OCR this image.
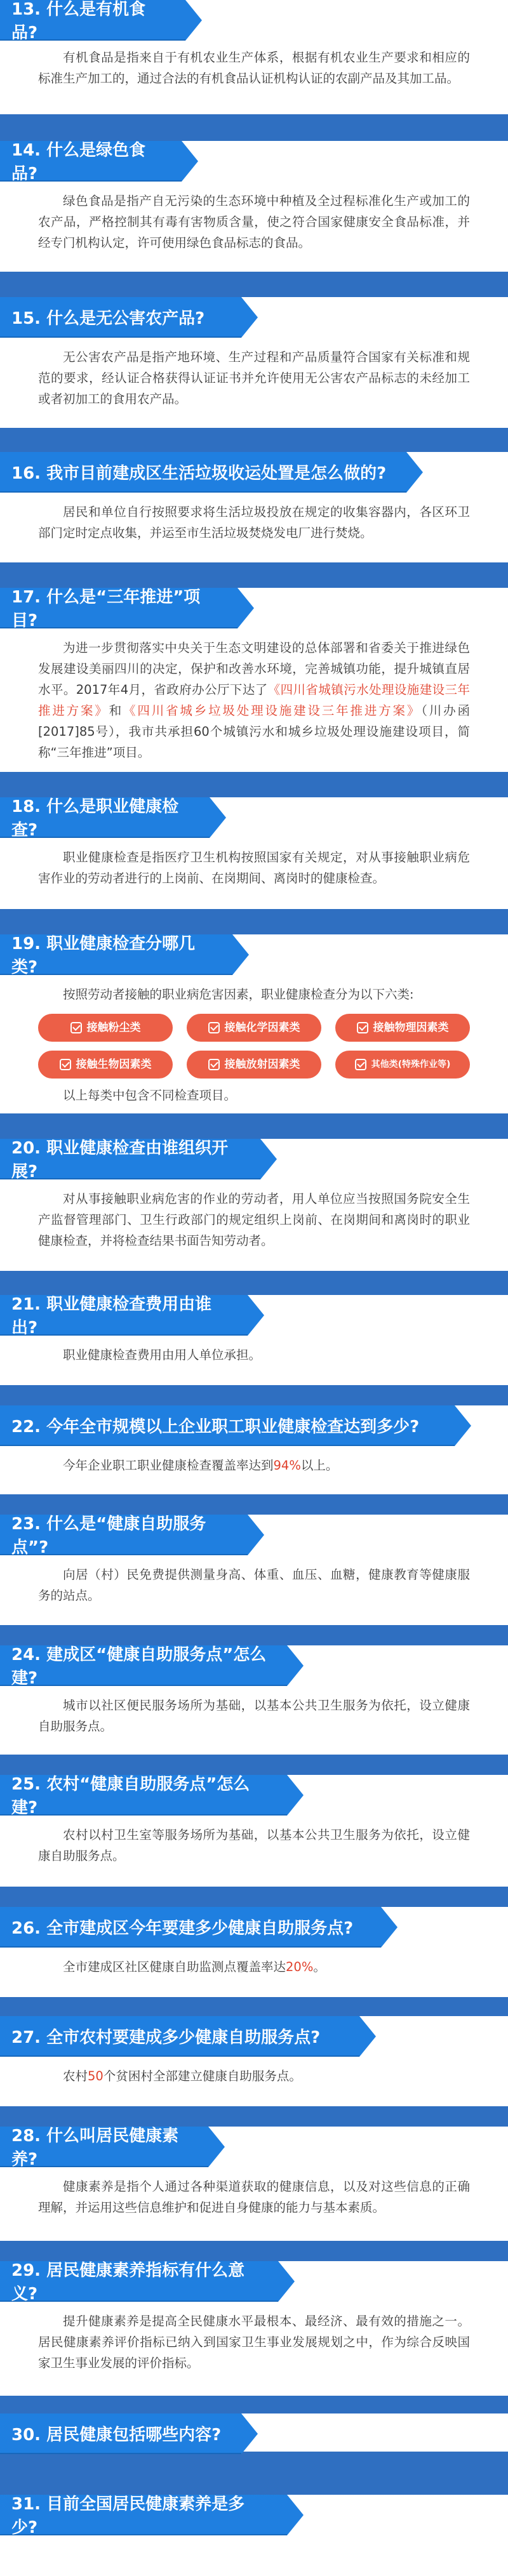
13. 什么是有机食品?

有机食品是指来自于有机农业生产体系，根据有机农业生产要求和相应的标准生产加工的，通过合法的有机食品认证机构认证的农副产品及其加工品。

14. 什么是绿色食品?

绿色食品是指产自无污染的生态环境中种植及全过程标准化生产或加工的农产品，严格控制其有毒有害物质含量，使之符合国家健康安全食品标准，并经专门机构认定，许可使用绿色食品标志的食品。

15. 什么是无公害农产品?

无公害农产品是指产地环境、生产过程和产品质量符合国家有关标准和规范的要求，经认证合格获得认证证书并允许使用无公害农产品标志的未经加工或者初加工的食用农产品。

16. 我市目前建成区生活垃圾收运处置是怎么做的?

居民和单位自行按照要求将生活垃圾投放在规定的收集容器内，各区环卫部门定时定点收集，并运至市生活垃圾焚烧发电厂进行焚烧。

17. 什么是“三年推进”项目?

为进一步贯彻落实中央关于生态文明建设的总体部署和省委关于推进绿色发展建设美丽四川的决定，保护和改善水环境，完善城镇功能，提升城镇直居水平。2017年4月，省政府办公厅下达了《四川省城镇污水处理设施建设三年推进方案》和《四川省城乡垃圾处理设施建设三年推进方案》（川办函[2017]85号），我市共承担60个城镇污水和城乡垃圾处理设施建设项目，简称“三年推进”项目。

18. 什么是职业健康检查?

职业健康检查是指医疗卫生机构按照国家有关规定，对从事接触职业病危害作业的劳动者进行的上岗前、在岗期间、离岗时的健康检查。

19. 职业健康检查分哪几类?

按照劳动者接触的职业病危害因素，职业健康检查分为以下六类:

接触粉尘类	接触化学因素类	接触物理因素类
接触生物因素类	接触放射因素类	其他类(特殊作业等)

以上每类中包含不同检查项目。

20. 职业健康检查由谁组织开展?

对从事接触职业病危害的作业的劳动者，用人单位应当按照国务院安全生产监督管理部门、卫生行政部门的规定组织上岗前、在岗期间和离岗时的职业健康检查，并将检查结果书面告知劳动者。

21. 职业健康检查费用由谁出?

职业健康检查费用由用人单位承担。

22. 今年全市规模以上企业职工职业健康检查达到多少?

今年企业职工职业健康检查覆盖率达到94%以上。

23. 什么是“健康自助服务点”?

向居（村）民免费提供测量身高、体重、血压、血糖，健康教育等健康服务的站点。

24. 建成区“健康自助服务点”怎么建?

城市以社区便民服务场所为基础，以基本公共卫生服务为依托，设立健康自助服务点。

25. 农村“健康自助服务点”怎么建?

农村以村卫生室等服务场所为基础，以基本公共卫生服务为依托，设立健康自助服务点。

26. 全市建成区今年要建多少健康自助服务点?

全市建成区社区健康自助监测点覆盖率达20%。

27. 全市农村要建成多少健康自助服务点?

农村50个贫困村全部建立健康自助服务点。

28. 什么叫居民健康素养?

健康素养是指个人通过各种渠道获取的健康信息，以及对这些信息的正确理解，并运用这些信息维护和促进自身健康的能力与基本素质。

29. 居民健康素养指标有什么意义?

提升健康素养是提高全民健康水平最根本、最经济、最有效的措施之一。居民健康素养评价指标已纳入到国家卫生事业发展规划之中，作为综合反映国家卫生事业发展的评价指标。

30. 居民健康包括哪些内容?
31. 目前全国居民健康素养是多少?
